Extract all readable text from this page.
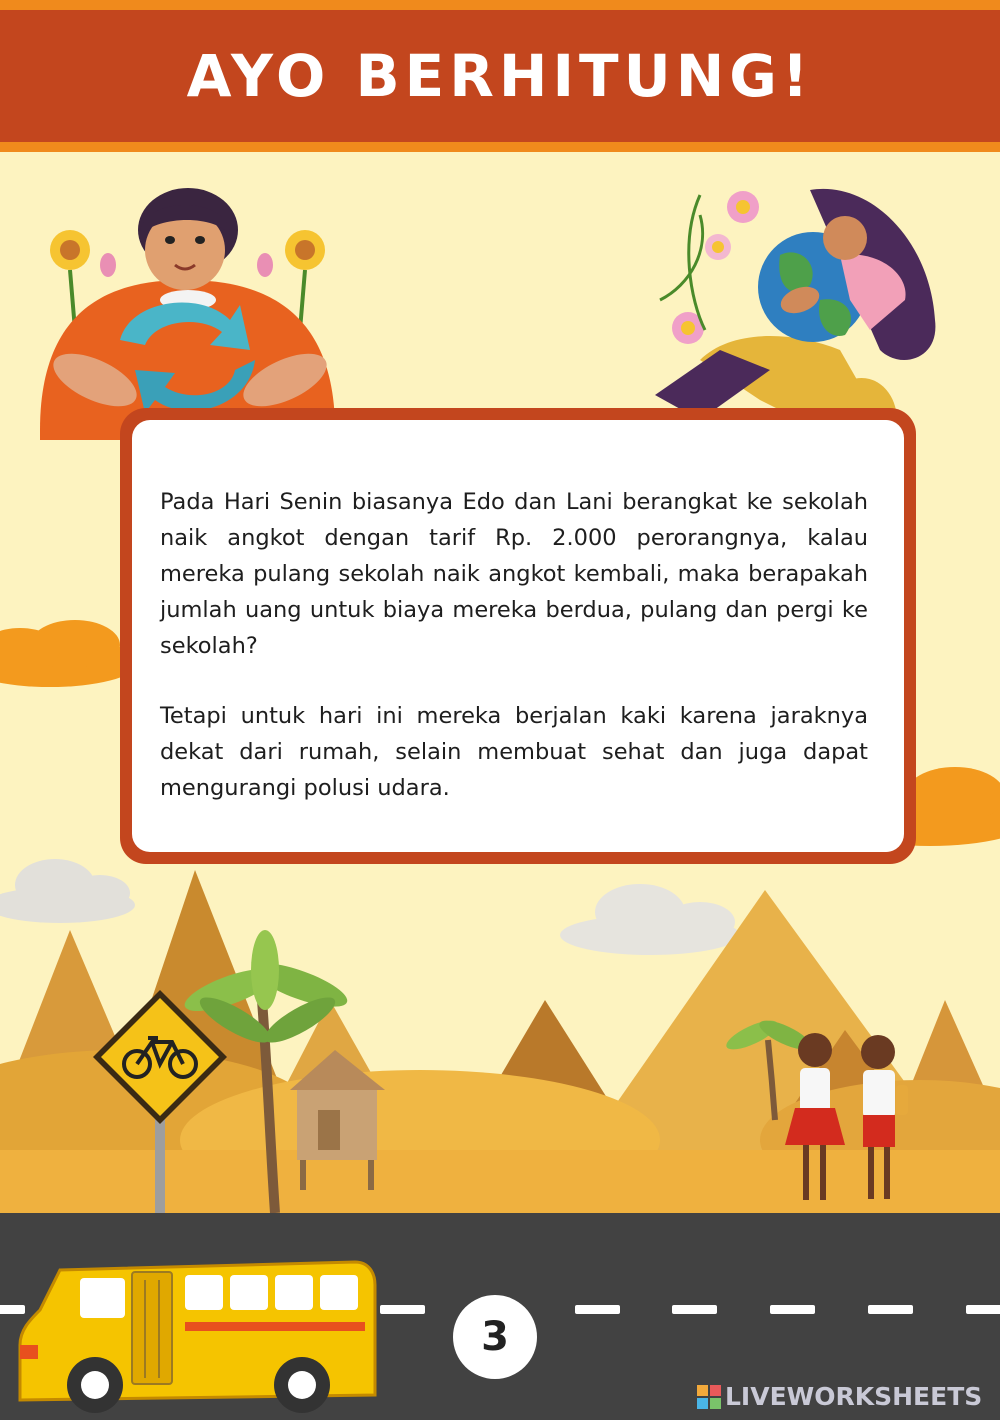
AYO BERHITUNG!

Pada Hari Senin biasanya Edo dan Lani berangkat ke sekolah naik angkot dengan tarif Rp. 2.000 perorangnya, kalau mereka pulang sekolah naik angkot kembali, maka berapakah jumlah uang untuk biaya mereka berdua, pulang dan pergi ke sekolah?

Tetapi untuk hari ini mereka berjalan kaki karena jaraknya dekat dari rumah, selain membuat sehat dan juga dapat mengurangi polusi udara.

3
LIVEWORKSHEETS
